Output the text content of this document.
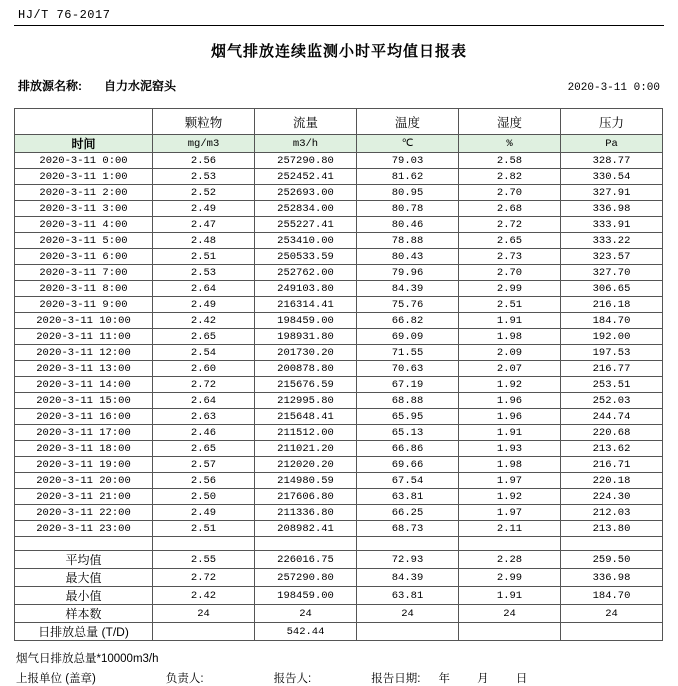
HJ/T 76-2017
烟气排放连续监测小时平均值日报表
排放源名称: 自力水泥窑头	2020-3-11 0:00
	颗粒物	流量	温度	湿度	压力
时间	mg/m3	m3/h	℃	%	Pa
2020-3-11 0:00	2.56	257290.80	79.03	2.58	328.77
2020-3-11 1:00	2.53	252452.41	81.62	2.82	330.54
2020-3-11 2:00	2.52	252693.00	80.95	2.70	327.91
2020-3-11 3:00	2.49	252834.00	80.78	2.68	336.98
2020-3-11 4:00	2.47	255227.41	80.46	2.72	333.91
2020-3-11 5:00	2.48	253410.00	78.88	2.65	333.22
2020-3-11 6:00	2.51	250533.59	80.43	2.73	323.57
2020-3-11 7:00	2.53	252762.00	79.96	2.70	327.70
2020-3-11 8:00	2.64	249103.80	84.39	2.99	306.65
2020-3-11 9:00	2.49	216314.41	75.76	2.51	216.18
2020-3-11 10:00	2.42	198459.00	66.82	1.91	184.70
2020-3-11 11:00	2.65	198931.80	69.09	1.98	192.00
2020-3-11 12:00	2.54	201730.20	71.55	2.09	197.53
2020-3-11 13:00	2.60	200878.80	70.63	2.07	216.77
2020-3-11 14:00	2.72	215676.59	67.19	1.92	253.51
2020-3-11 15:00	2.64	212995.80	68.88	1.96	252.03
2020-3-11 16:00	2.63	215648.41	65.95	1.96	244.74
2020-3-11 17:00	2.46	211512.00	65.13	1.91	220.68
2020-3-11 18:00	2.65	211021.20	66.86	1.93	213.62
2020-3-11 19:00	2.57	212020.20	69.66	1.98	216.71
2020-3-11 20:00	2.56	214980.59	67.54	1.97	220.18
2020-3-11 21:00	2.50	217606.80	63.81	1.92	224.30
2020-3-11 22:00	2.49	211336.80	66.25	1.97	212.03
2020-3-11 23:00	2.51	208982.41	68.73	2.11	213.80

平均值	2.55	226016.75	72.93	2.28	259.50
最大值	2.72	257290.80	84.39	2.99	336.98
最小值	2.42	198459.00	63.81	1.91	184.70
样本数	24	24	24	24	24
日排放总量 (T/D)		542.44			
烟气日排放总量*10000m3/h
上报单位 (盖章)	负责人:	报告人:	报告日期: 年 月 日
